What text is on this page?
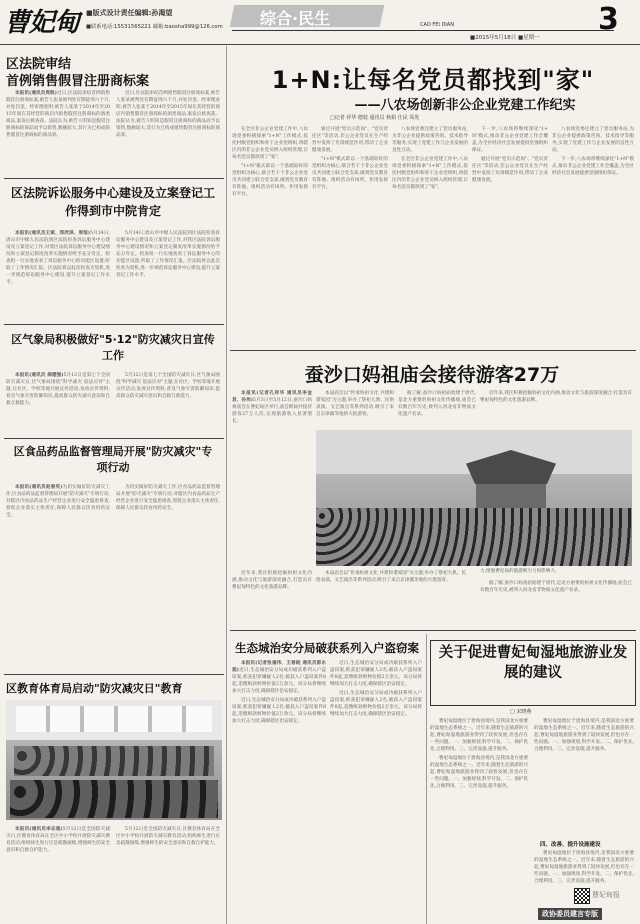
曹妃甸 ■版式设计责任编辑:孙渴望
■联系电话:15531565221 邮箱:baosha999@126.com 综合·民生	CAO FEI DIAN
■2015年5月18日 ■星期一
3
区法院审结
首例销售假冒注册商标案

本报讯(通讯员周锐)近日,区法院审结首例销售假冒注册商标案,被告人张某被判处有期徒刑六个月,并处罚金。经审理查明,被告人张某于2014年至2015年间在其经营的商店内销售假冒注册商标的酒类商品,案发后被查获。法院认为,被告人明知是假冒注册商标的商品而予以销售,数额较大,其行为已构成销售假冒注册商标的商品罪。

近日,区法院审结首例销售假冒注册商标案,被告人张某被判处有期徒刑六个月,并处罚金。经审理查明,被告人张某于2014年至2015年间在其经营的商店内销售假冒注册商标的酒类商品,案发后被查获。法院认为,被告人明知是假冒注册商标的商品而予以销售,数额较大,其行为已构成销售假冒注册商标的商品罪。

区法院诉讼服务中心建设及立案登记工作得到市中院肯定

本报讯(通讯员王斌、郑欣泽、周恒)5月14日,唐山市中级人民法院到区法院检查诉讼服务中心建设及立案登记工作,对我区法院诉讼服务中心建设情况和立案登记制度改革实施情况给予充分肯定。检查组一行实地查看了诉讼服务中心的功能区设置,听取了工作情况汇报。区法院将以此次检查为契机,进一步规范诉讼服务中心建设,提升立案登记工作水平。

5月14日,唐山市中级人民法院到区法院检查诉讼服务中心建设及立案登记工作,对我区法院诉讼服务中心建设情况和立案登记制度改革实施情况给予充分肯定。检查组一行实地查看了诉讼服务中心的功能区设置,听取了工作情况汇报。区法院将以此次检查为契机,进一步规范诉讼服务中心建设,提升立案登记工作水平。

区气象局积极做好"5·12"防灾减灾日宣传工作

本报讯(通讯员 郝德强)5月12日是第七个全国防灾减灾日,区气象局围绕"科学减灾 依法应对"主题,在社区、学校等地开展宣传活动,发放宣传资料,普及气象灾害防御知识,提高群众防灾减灾意识和自救互救能力。

5月12日是第七个全国防灾减灾日,区气象局围绕"科学减灾 依法应对"主题,在社区、学校等地开展宣传活动,发放宣传资料,普及气象灾害防御知识,提高群众防灾减灾意识和自救互救能力。

区食品药品监督管理局开展"防灾减灾"专项行动

本报讯(通讯员赵春英)为切实做好防灾减灾工作,区食品药品监督管理局开展"防灾减灾"专项行动,对辖区内食品药品生产经营企业进行安全隐患排查,督促企业落实主体责任,保障人民群众饮食用药安全。

为切实做好防灾减灾工作,区食品药品监督管理局开展"防灾减灾"专项行动,对辖区内食品药品生产经营企业进行安全隐患排查,督促企业落实主体责任,保障人民群众饮食用药安全。

区教育体育局启动"防灾减灾日"教育

本报讯(通讯员李志超)5月12日是全国防灾减灾日,区教育体育局在全区中小学校开展防灾减灾教育活动,组织师生进行应急疏散演练,增强师生的安全意识和自救自护能力。

5月12日是全国防灾减灾日,区教育体育局在全区中小学校开展防灾减灾教育活动,组织师生进行应急疏散演练,增强师生的安全意识和自救自护能力。

1+N:让每名党员都找到"家"
——八农场创新非公企业党建工作纪实
□记者 祥华 德枝 通讯员 秋娟 仕民 凤发

在全区非公企业党建工作中,八农场党委积极探索"1+N"工作模式,依托村级党组织和骨干企业党组织,将辖区内的非公企业党员纳入组织管理,让每名党员都找到了"家"。

"1+N"模式即以一个基础较好的党组织为核心,联合若干个非公企业党员共同建立联合党支部,做到党员教育有阵地、组织活动有场所、作用发挥有平台。

通过开展"党员示范岗"、"党员责任区"等活动,非公企业党员在生产经营中发挥了先锋模范作用,带动了企业健康发展。

"1+N"模式即以一个基础较好的党组织为核心,联合若干个非公企业党员共同建立联合党支部,做到党员教育有阵地、组织活动有场所、作用发挥有平台。

八农场党委还建立了党员服务站,为非公企业提供政策咨询、技术指导等服务,实现了党建工作与企业发展的良性互动。

在全区非公企业党建工作中,八农场党委积极探索"1+N"工作模式,依托村级党组织和骨干企业党组织,将辖区内的非公企业党员纳入组织管理,让每名党员都找到了"家"。

下一步,八农场将继续深化"1+N"模式,推动非公企业党建工作全覆盖,为全区经济社会发展提供坚强组织保证。

通过开展"党员示范岗"、"党员责任区"等活动,非公企业党员在生产经营中发挥了先锋模范作用,带动了企业健康发展。

八农场党委还建立了党员服务站,为非公企业提供政策咨询、技术指导等服务,实现了党建工作与企业发展的良性互动。

下一步,八农场将继续深化"1+N"模式,推动非公企业党建工作全覆盖,为全区经济社会发展提供坚强组织保证。

蚕沙口妈祖庙会接待游客27万

本报讯(记者孔祥华 通讯员李金君、孙伟)5月3日至5月12日,蚕沙口妈祖庙会在曹妃甸区举行,庙会期间共接待游客27万人次,实现旅游收入显著增长。

本届庙会以"传承妈祖文化 共建和谐家园"为主题,举办了祭祀大典、民俗表演、文艺演出等系列活动,吸引了来自京津冀等地的大批游客。

据了解,蚕沙口妈祖庙始建于唐代,是北方重要的妈祖文化传播地,庙会已有数百年历史,被列入河北省非物质文化遗产名录。

近年来,我区积极挖掘妈祖文化内涵,推动文化与旅游深度融合,打造具有曹妃甸特色的文化旅游品牌。

力,增强曹妃甸的旅游吸引力和影响力。

本届庙会以"传承妈祖文化 共建和谐家园"为主题,举办了祭祀大典、民俗表演、文艺演出等系列活动,吸引了来自京津冀等地的大批游客。

据了解,蚕沙口妈祖庙始建于唐代,是北方重要的妈祖文化传播地,庙会已有数百年历史,被列入河北省非物质文化遗产名录。

近年来,我区积极挖掘妈祖文化内涵,推动文化与旅游深度融合,打造具有曹妃甸特色的文化旅游品牌。

生态城治安分局破获系列入户盗窃案

本报讯(记者张福伟、王春晓 通讯员郭永超)近日,生态城治安分局成功破获系列入户盗窃案,抓获犯罪嫌疑人2名,破获入户盗窃案件8起,追缴赃款赃物价值2万余元。该分局将继续加大打击力度,确保辖区治安稳定。

近日,生态城治安分局成功破获系列入户盗窃案,抓获犯罪嫌疑人2名,破获入户盗窃案件8起,追缴赃款赃物价值2万余元。该分局将继续加大打击力度,确保辖区治安稳定。

近日,生态城治安分局成功破获系列入户盗窃案,抓获犯罪嫌疑人2名,破获入户盗窃案件8起,追缴赃款赃物价值2万余元。该分局将继续加大打击力度,确保辖区治安稳定。

近日,生态城治安分局成功破获系列入户盗窃案,抓获犯罪嫌疑人2名,破获入户盗窃案件8起,追缴赃款赃物价值2万余元。该分局将继续加大打击力度,确保辖区治安稳定。

关于促进曹妃甸湿地旅游业发展的建议
□ 宋晓燕

曹妃甸湿地位于唐海县境内,是我国北方重要的湿地生态系统之一。近年来,随着生态旅游的兴起,曹妃甸湿地旅游业得到了较快发展,但也存在一些问题。一、加强规划,科学开发。二、保护优先,合理利用。三、完善设施,提升服务。

曹妃甸湿地位于唐海县境内,是我国北方重要的湿地生态系统之一。近年来,随着生态旅游的兴起,曹妃甸湿地旅游业得到了较快发展,但也存在一些问题。一、加强规划,科学开发。二、保护优先,合理利用。三、完善设施,提升服务。

曹妃甸湿地位于唐海县境内,是我国北方重要的湿地生态系统之一。近年来,随着生态旅游的兴起,曹妃甸湿地旅游业得到了较快发展,但也存在一些问题。一、加强规划,科学开发。二、保护优先,合理利用。三、完善设施,提升服务。

四、改善、提升设施建设

曹妃甸湿地位于唐海县境内,是我国北方重要的湿地生态系统之一。近年来,随着生态旅游的兴起,曹妃甸湿地旅游业得到了较快发展,但也存在一些问题。一、加强规划,科学开发。二、保护优先,合理利用。三、完善设施,提升服务。

曹妃甸报
政协委员建言专版
